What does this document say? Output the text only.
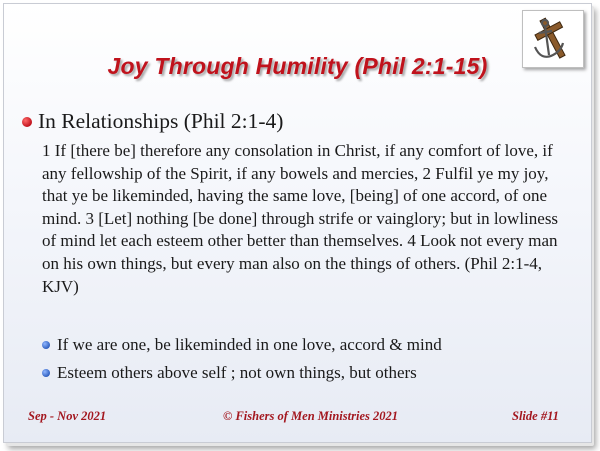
Joy Through Humility (Phil 2:1-15)
In Relationships (Phil 2:1-4)
1 If [there be] therefore any consolation in Christ, if any comfort of love, if any fellowship of the Spirit, if any bowels and mercies, 2 Fulfil ye my joy, that ye be likeminded, having the same love, [being] of one accord, of one mind. 3 [Let] nothing [be done] through strife or vainglory; but in lowliness of mind let each esteem other better than themselves. 4 Look not every man on his own things, but every man also on the things of others. (Phil 2:1-4, KJV)
If we are one, be likeminded in one love, accord & mind
Esteem others above self ; not own things, but others
Sep - Nov 2021	© Fishers of Men Ministries 2021	Slide #11
